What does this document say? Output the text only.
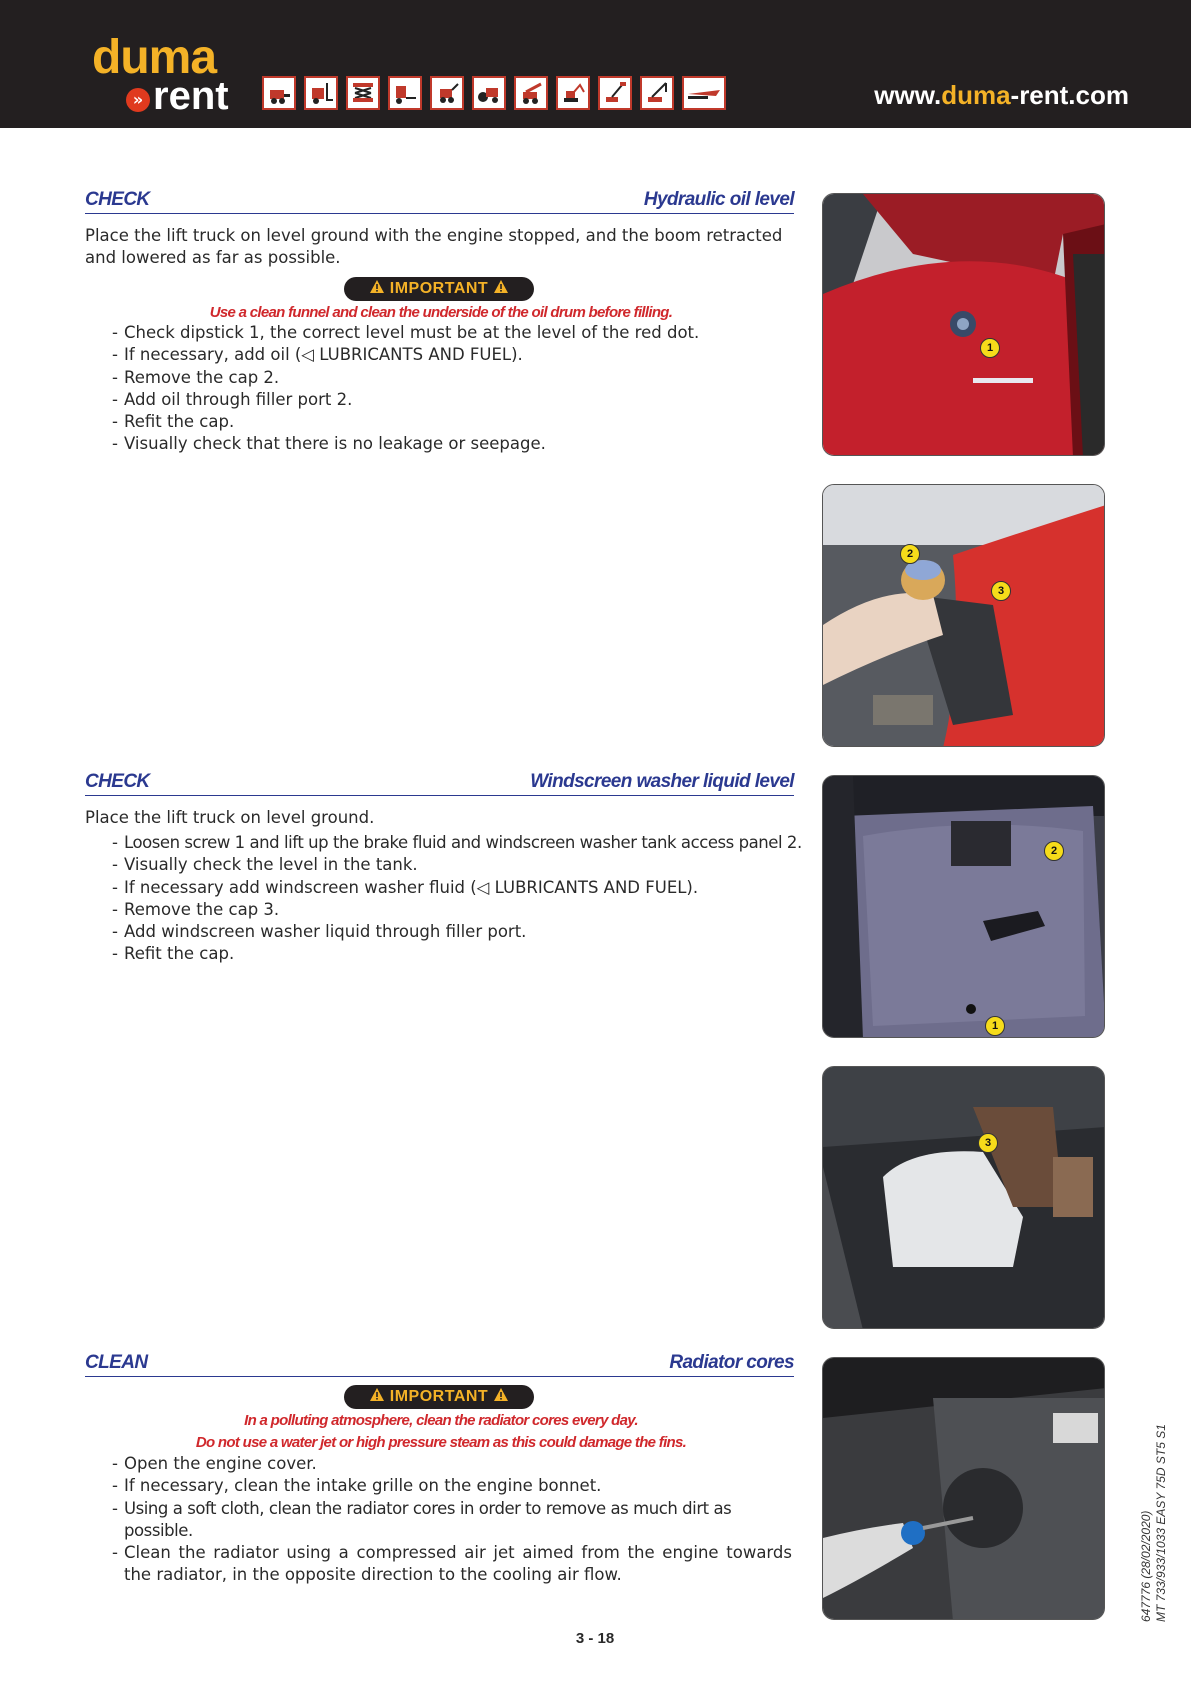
duma
» rent	www.duma-rent.com
CHECK	Hydraulic oil level
Place the lift truck on level ground with the engine stopped, and the boom retracted and lowered as far as possible.
IMPORTANT
Use a clean funnel and clean the underside of the oil drum before filling.
- Check dipstick 1, the correct level must be at the level of the red dot.
- If necessary, add oil (◁ LUBRICANTS AND FUEL).
- Remove the cap 2.
- Add oil through filler port 2.
- Refit the cap.
- Visually check that there is no leakage or seepage.
CHECK	Windscreen washer liquid level
Place the lift truck on level ground.
- Loosen screw 1 and lift up the brake fluid and windscreen washer tank access panel 2.
- Visually check the level in the tank.
- If necessary add windscreen washer fluid (◁ LUBRICANTS AND FUEL).
- Remove the cap 3.
- Add windscreen washer liquid through filler port.
- Refit the cap.
CLEAN	Radiator cores
IMPORTANT
In a polluting atmosphere, clean the radiator cores every day.
Do not use a water jet or high pressure steam as this could damage the fins.
- Open the engine cover.
- If necessary, clean the intake grille on the engine bonnet.
- Using a soft cloth, clean the radiator cores in order to remove as much dirt as possible.
- Clean the radiator using a compressed air jet aimed from the engine towards the radiator, in the opposite direction to the cooling air flow.
1
2
3
2
1
3
3 - 18
647776 (28/02/2020) MT 733/933/1033 EASY 75D ST5 S1
